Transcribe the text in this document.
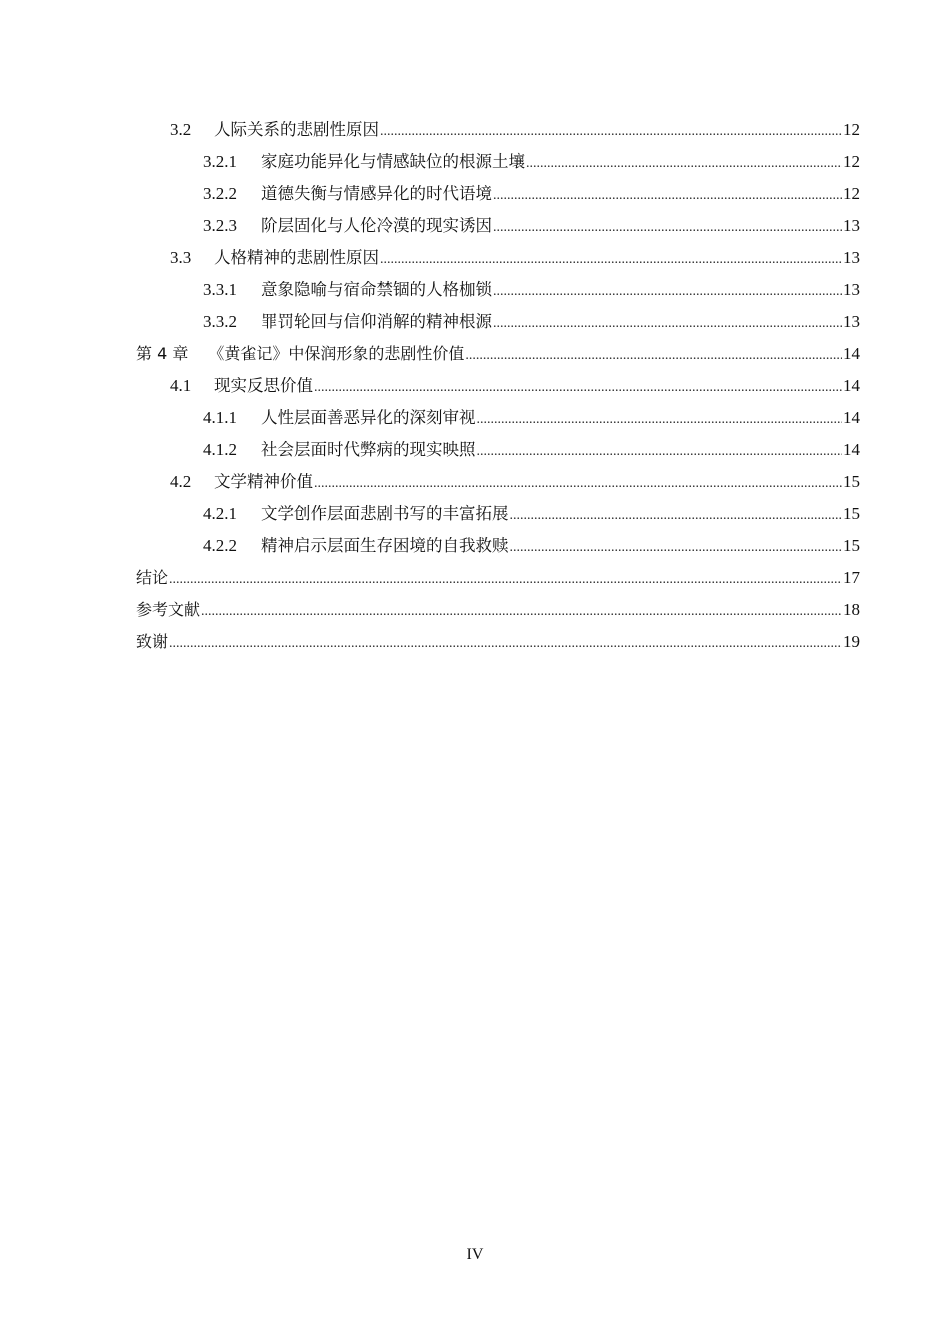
3.2	人际关系的悲剧性原因 .....	12
3.2.1	家庭功能异化与情感缺位的根源土壤 .....	12
3.2.2	道德失衡与情感异化的时代语境 .....	12
3.2.3	阶层固化与人伦冷漠的现实诱因 .....	13
3.3	人格精神的悲剧性原因 .....	13
3.3.1	意象隐喻与宿命禁锢的人格枷锁 .....	13
3.3.2	罪罚轮回与信仰消解的精神根源 .....	13
第 4 章 《黄雀记》中保润形象的悲剧性价值 .....	14
4.1	现实反思价值 .....	14
4.1.1	人性层面善恶异化的深刻审视 .....	14
4.1.2	社会层面时代弊病的现实映照 .....	14
4.2	文学精神价值 .....	15
4.2.1	文学创作层面悲剧书写的丰富拓展 .....	15
4.2.2	精神启示层面生存困境的自我救赎 .....	15
结论 .....	17
参考文献 .....	18
致谢 .....	19
IV
